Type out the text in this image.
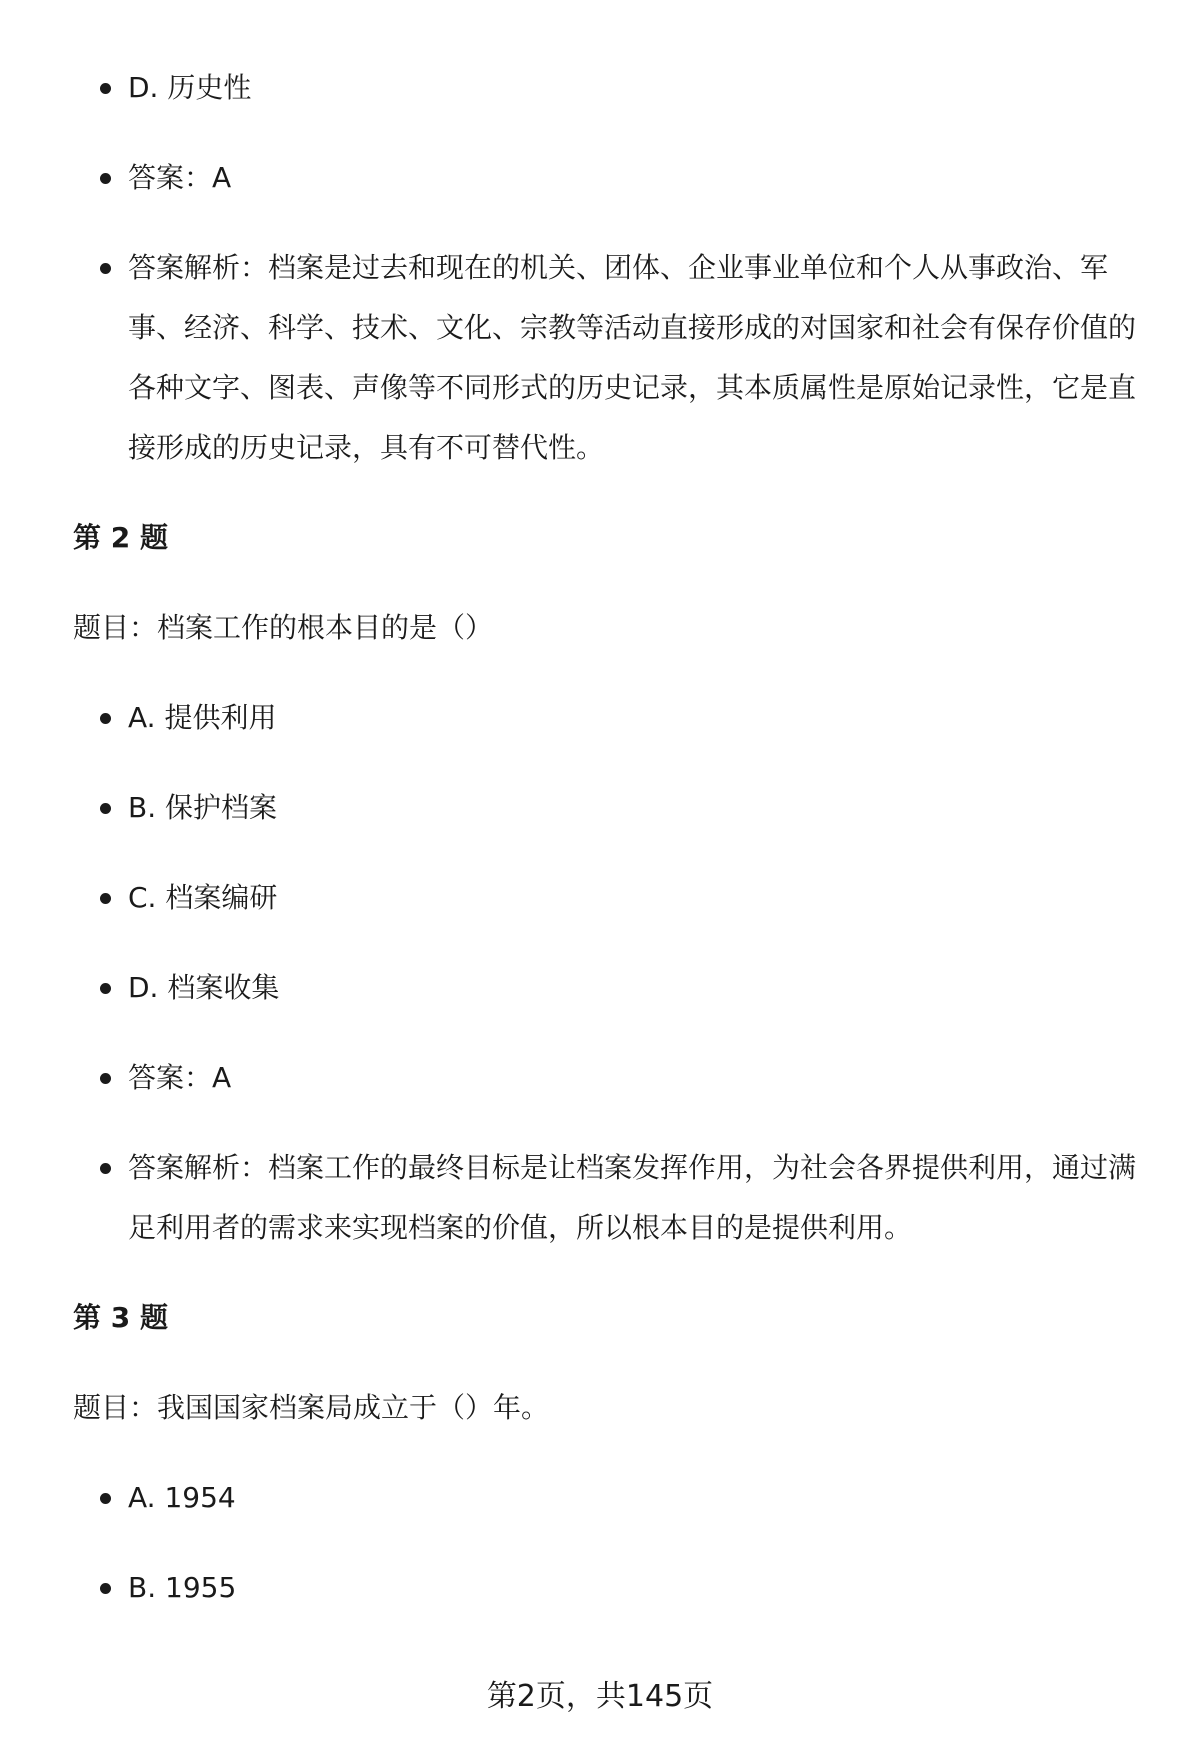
D. 历史性
答案：A
答案解析：档案是过去和现在的机关、团体、企业事业单位和个人从事政治、军事、经济、科学、技术、文化、宗教等活动直接形成的对国家和社会有保存价值的各种文字、图表、声像等不同形式的历史记录，其本质属性是原始记录性，它是直接形成的历史记录，具有不可替代性。
第 2 题
题目：档案工作的根本目的是（）
A. 提供利用
B. 保护档案
C. 档案编研
D. 档案收集
答案：A
答案解析：档案工作的最终目标是让档案发挥作用，为社会各界提供利用，通过满足利用者的需求来实现档案的价值，所以根本目的是提供利用。
第 3 题
题目：我国国家档案局成立于（）年。
A. 1954
B. 1955
第2页，共145页
